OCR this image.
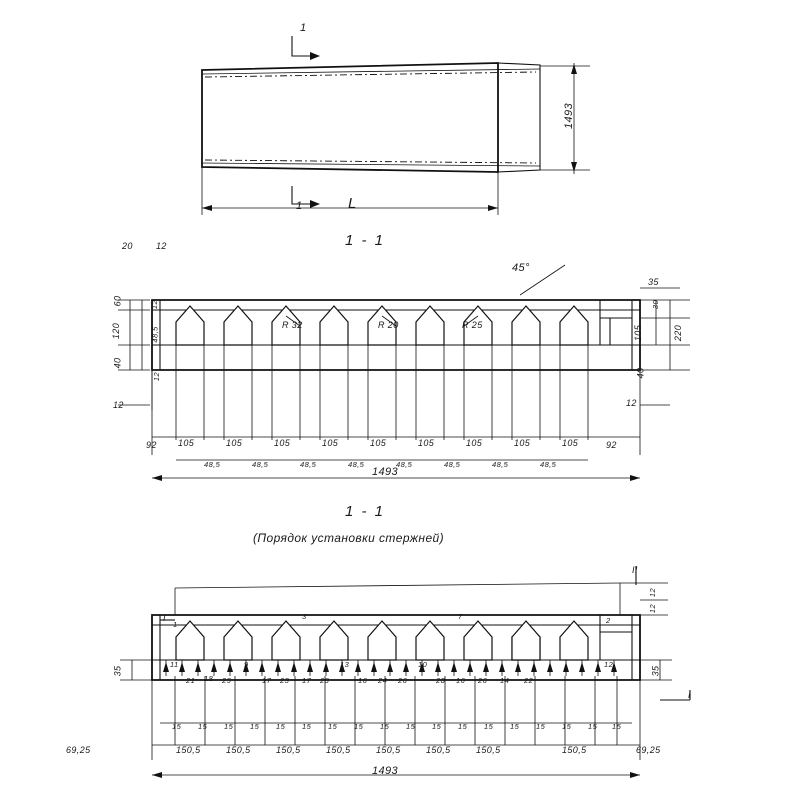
1
1
1493
L
1 - 1
20	12
60
120
40
12
48,5
12
12
35
30
220
105
40
12
45°
R 32	R 20	R 25
92 105	105	105	105	105	105	105	105	105	92
48,5	48,5	48,5	48,5	48,5	48,5	48,5	48,5
1493
1 - 1
(Порядок установки стержней)
II
I
I
12
12
35
35
1
3	7	2
11
21 18 25
9
17 23 17 28
13
16 24 26
10
28 16 26 14 22
12
15 15 15 15 15 15 15 15 15 15 15 15 15 15 15 15 15 15
150,5	150,5	150,5	150,5	150,5	150,5	150,5	150,5
69,25	69,25
1493
